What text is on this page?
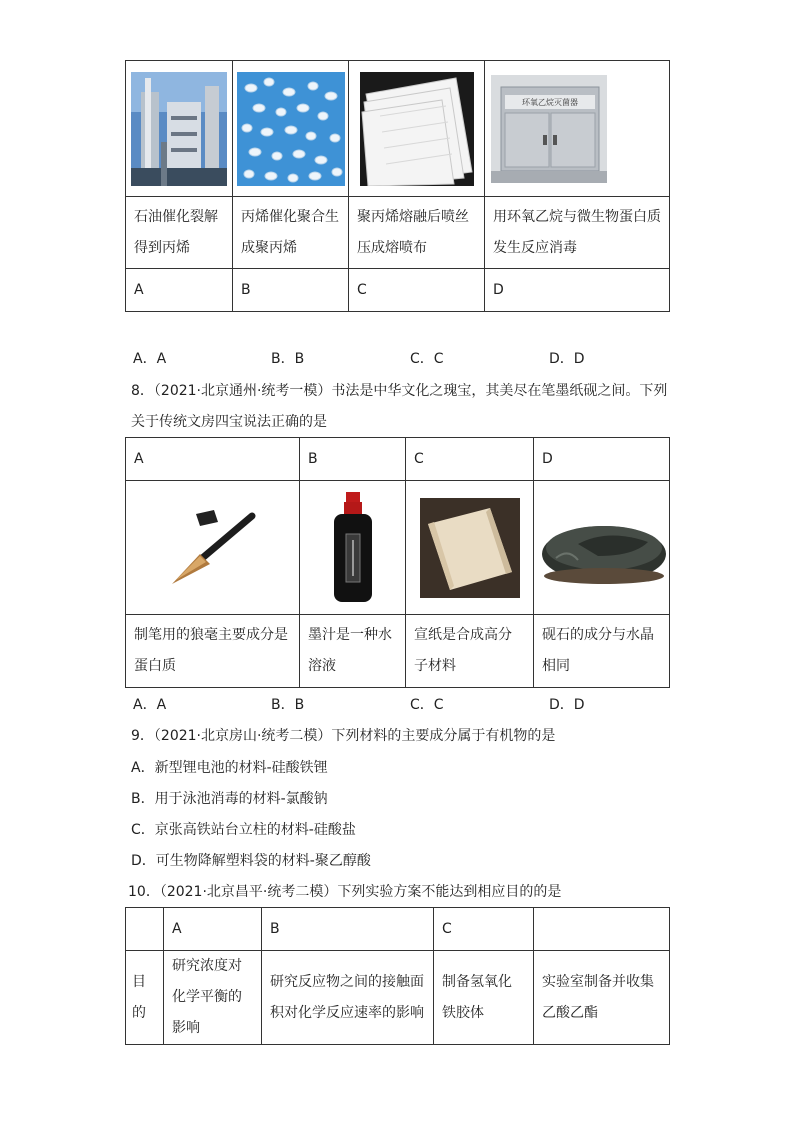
环氧乙烷灭菌器

石油催化裂解得到丙烯	丙烯催化聚合生成聚丙烯	聚丙烯熔融后喷丝压成熔喷布	用环氧乙烷与微生物蛋白质发生反应消毒
A	B	C	D
A．A	B．B	C．C	D．D
8．（2021·北京通州·统考一模）书法是中华文化之瑰宝，其美尽在笔墨纸砚之间。下列
关于传统文房四宝说法正确的是
A	B	C	D

制笔用的狼毫主要成分是蛋白质	墨汁是一种水溶液	宣纸是合成高分子材料	砚石的成分与水晶相同
A．A	B．B	C．C	D．D
9．（2021·北京房山·统考二模）下列材料的主要成分属于有机物的是
A．新型锂电池的材料-硅酸铁锂
B．用于泳池消毒的材料-氯酸钠
C．京张高铁站台立柱的材料-硅酸盐
D．可生物降解塑料袋的材料-聚乙醇酸
10．（2021·北京昌平·统考二模）下列实验方案不能达到相应目的的是
	A	B	C	
目的	研究浓度对化学平衡的影响	研究反应物之间的接触面积对化学反应速率的影响	制备氢氧化铁胶体	实验室制备并收集乙酸乙酯
